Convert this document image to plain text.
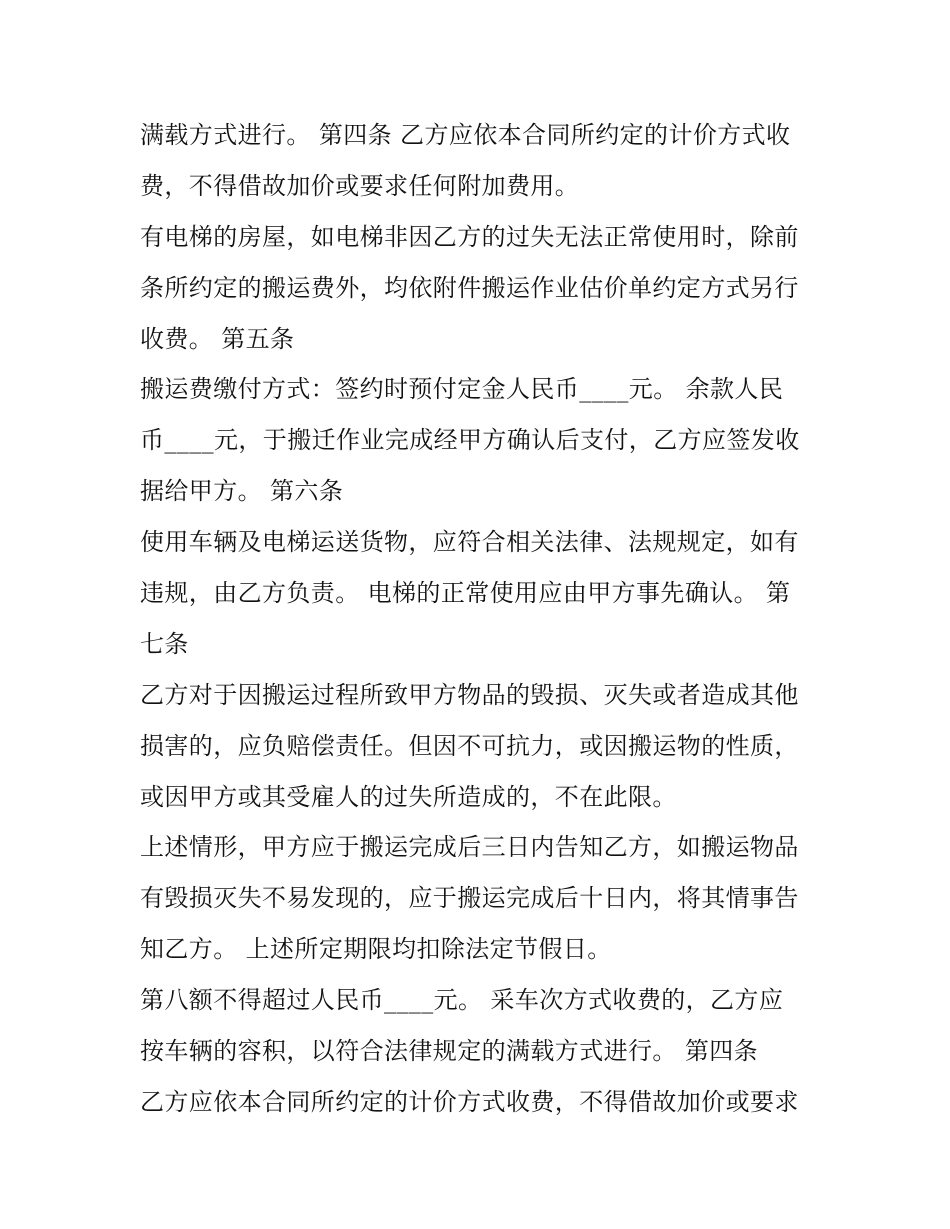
满载方式进行。 第四条 乙方应依本合同所约定的计价方式收
费，不得借故加价或要求任何附加费用。
有电梯的房屋，如电梯非因乙方的过失无法正常使用时，除前
条所约定的搬运费外，均依附件搬运作业估价单约定方式另行
收费。 第五条
搬运费缴付方式：签约时预付定金人民币____元。 余款人民
币____元，于搬迁作业完成经甲方确认后支付，乙方应签发收
据给甲方。 第六条
使用车辆及电梯运送货物，应符合相关法律、法规规定，如有
违规，由乙方负责。 电梯的正常使用应由甲方事先确认。 第
七条
乙方对于因搬运过程所致甲方物品的毁损、灭失或者造成其他
损害的，应负赔偿责任。但因不可抗力，或因搬运物的性质，
或因甲方或其受雇人的过失所造成的，不在此限。
上述情形，甲方应于搬运完成后三日内告知乙方，如搬运物品
有毁损灭失不易发现的，应于搬运完成后十日内，将其情事告
知乙方。 上述所定期限均扣除法定节假日。
第八额不得超过人民币____元。 采车次方式收费的，乙方应
按车辆的容积，以符合法律规定的满载方式进行。 第四条
乙方应依本合同所约定的计价方式收费，不得借故加价或要求
